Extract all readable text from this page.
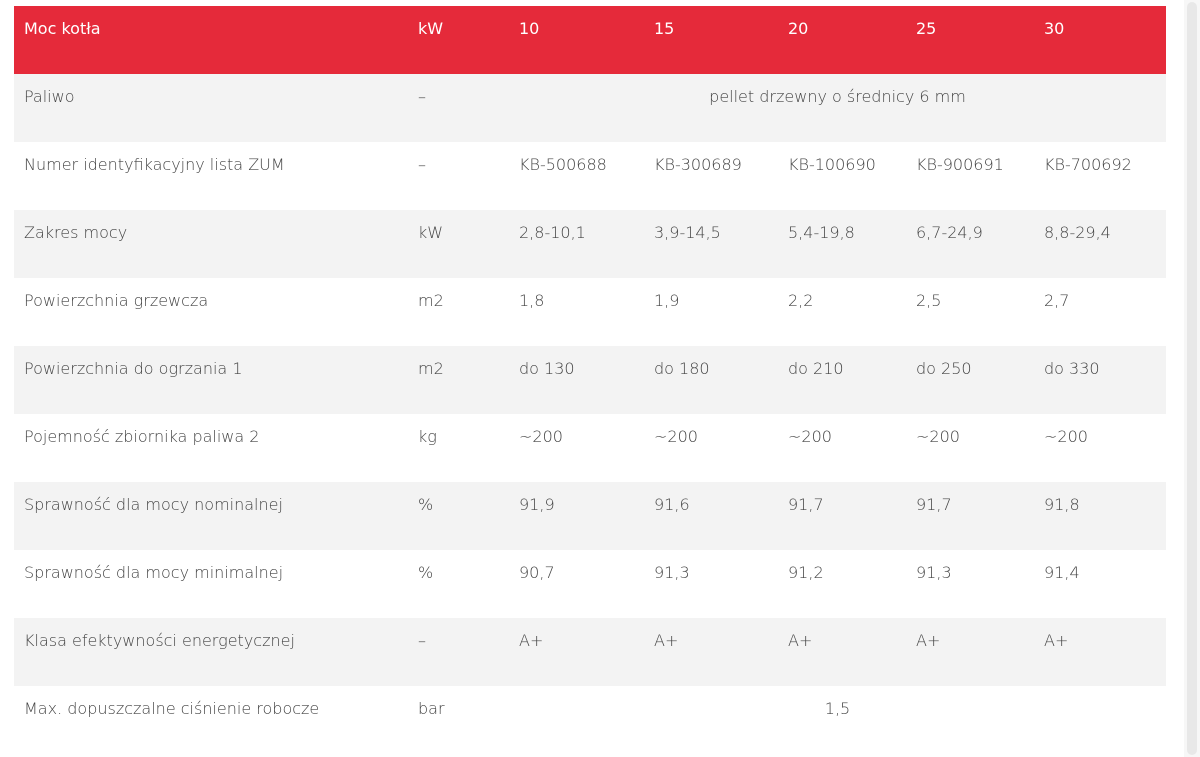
Moc kotła	kW	10	15	20	25	30
Paliwo	–	pellet drzewny o średnicy 6 mm				
Numer identyfikacyjny lista ZUM	–	KB-500688	KB-300689	KB-100690	KB-900691	KB-700692
Zakres mocy	kW	2,8-10,1	3,9-14,5	5,4-19,8	6,7-24,9	8,8-29,4
Powierzchnia grzewcza	m2	1,8	1,9	2,2	2,5	2,7
Powierzchnia do ogrzania 1	m2	do 130	do 180	do 210	do 250	do 330
Pojemność zbiornika paliwa 2	kg	~200	~200	~200	~200	~200
Sprawność dla mocy nominalnej	%	91,9	91,6	91,7	91,7	91,8
Sprawność dla mocy minimalnej	%	90,7	91,3	91,2	91,3	91,4
Klasa efektywności energetycznej	–	A+	A+	A+	A+	A+
Max. dopuszczalne ciśnienie robocze	bar	1,5				
